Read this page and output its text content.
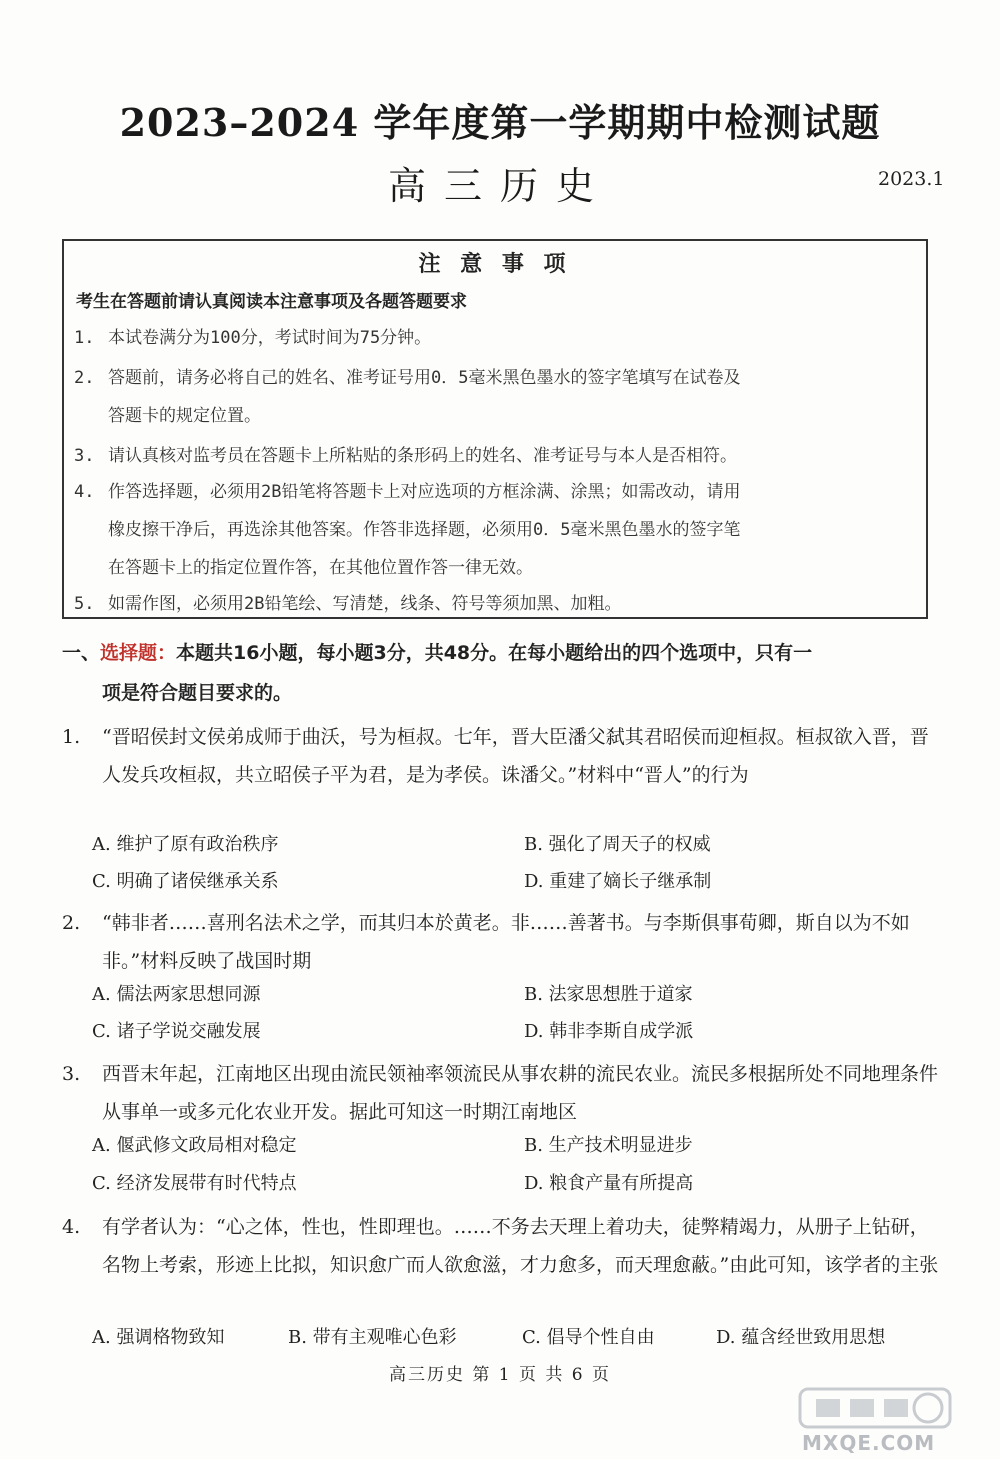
2023–2024 学年度第一学期期中检测试题
高三历史	2023.1
注 意 事 项
考生在答题前请认真阅读本注意事项及各题答题要求
1. 本试卷满分为100分，考试时间为75分钟。
2. 答题前，请务必将自己的姓名、准考证号用0．5毫米黑色墨水的签字笔填写在试卷及
答题卡的规定位置。
3. 请认真核对监考员在答题卡上所粘贴的条形码上的姓名、准考证号与本人是否相符。
4. 作答选择题，必须用2B铅笔将答题卡上对应选项的方框涂满、涂黑；如需改动，请用
橡皮擦干净后，再选涂其他答案。作答非选择题，必须用0．5毫米黑色墨水的签字笔
在答题卡上的指定位置作答，在其他位置作答一律无效。
5. 如需作图，必须用2B铅笔绘、写清楚，线条、符号等须加黑、加粗。
一、选择题：本题共16小题，每小题3分，共48分。在每小题给出的四个选项中，只有一
项是符合题目要求的。
1.	“晋昭侯封文侯弟成师于曲沃，号为桓叔。七年，晋大臣潘父弑其君昭侯而迎桓叔。桓叔欲入晋，晋人发兵攻桓叔，共立昭侯子平为君，是为孝侯。诛潘父。”材料中“晋人”的行为
A. 维护了原有政治秩序	B. 强化了周天子的权威
C. 明确了诸侯继承关系	D. 重建了嫡长子继承制
2.	“韩非者……喜刑名法术之学，而其归本於黄老。非……善著书。与李斯俱事荀卿，斯自以为不如非。”材料反映了战国时期
A. 儒法两家思想同源	B. 法家思想胜于道家
C. 诸子学说交融发展	D. 韩非李斯自成学派
3.	西晋末年起，江南地区出现由流民领袖率领流民从事农耕的流民农业。流民多根据所处不同地理条件从事单一或多元化农业开发。据此可知这一时期江南地区
A. 偃武修文政局相对稳定	B. 生产技术明显进步
C. 经济发展带有时代特点	D. 粮食产量有所提高
4.	有学者认为：“心之体，性也，性即理也。……不务去天理上着功夫，徒弊精竭力，从册子上钻研，名物上考索，形迹上比拟，知识愈广而人欲愈滋，才力愈多，而天理愈蔽。”由此可知，该学者的主张
A. 强调格物致知	B. 带有主观唯心色彩	C. 倡导个性自由	D. 蕴含经世致用思想
高三历史 第 1 页 共 6 页
MXQE.COM
